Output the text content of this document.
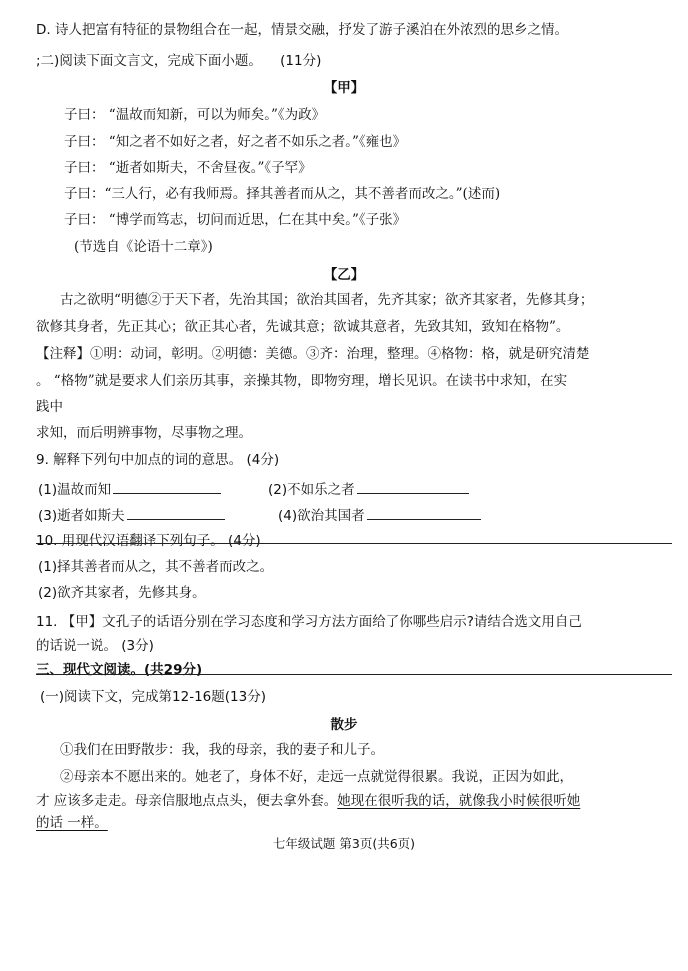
D. 诗人把富有特征的景物组合在一起，情景交融，抒发了游子溪泊在外浓烈的思乡之情。
;二)阅读下面文言文，完成下面小题。 (11分)
【甲】
子曰： “温故而知新，可以为师矣。”《为政》
子曰： “知之者不如好之者，好之者不如乐之者。”《雍也》
子曰： “逝者如斯夫，不舍昼夜。”《子罕》
子曰：“三人行，必有我师焉。择其善者而从之，其不善者而改之。”(述而)
子曰： “博学而笃志，切问而近思，仁在其中矣。”《子张》
(节选自《论语十二章》)
【乙】
古之欲明“明德②于天下者，先治其国；欲治其国者，先齐其家；欲齐其家者，先修其身；
欲修其身者，先正其心；欲正其心者，先诚其意；欲诚其意者，先致其知，致知在格物”。
【注释】①明：动词，彰明。②明德：美德。③齐：治理，整理。④格物：格，就是研究清楚
。 “格物”就是要求人们亲历其事，亲操其物，即物穷理，增长见识。在读书中求知，在实
践中
求知，而后明辨事物，尽事物之理。
9. 解释下列句中加点的词的意思。 (4分)
(1)温故而知	(2)不如乐之者
(3)逝者如斯夫	(4)欲治其国者
10. 用现代汉语翻译下列句子。 (4分)
(1)择其善者而从之，其不善者而改之。
(2)欲齐其家者，先修其身。
11. 【甲】文孔子的话语分别在学习态度和学习方法方面给了你哪些启示?请结合选文用自己
的话说一说。 (3分)
三、现代文阅读。(共29分)
(一)阅读下文，完成第12-16题(13分)
散步
①我们在田野散步：我，我的母亲，我的妻子和儿子。
②母亲本不愿出来的。她老了，身体不好，走远一点就觉得很累。我说，正因为如此，
才 应该多走走。母亲信服地点点头，便去拿外套。她现在很听我的话，就像我小时候很听她
的话 一样。
七年级试题 第3页(共6页)
